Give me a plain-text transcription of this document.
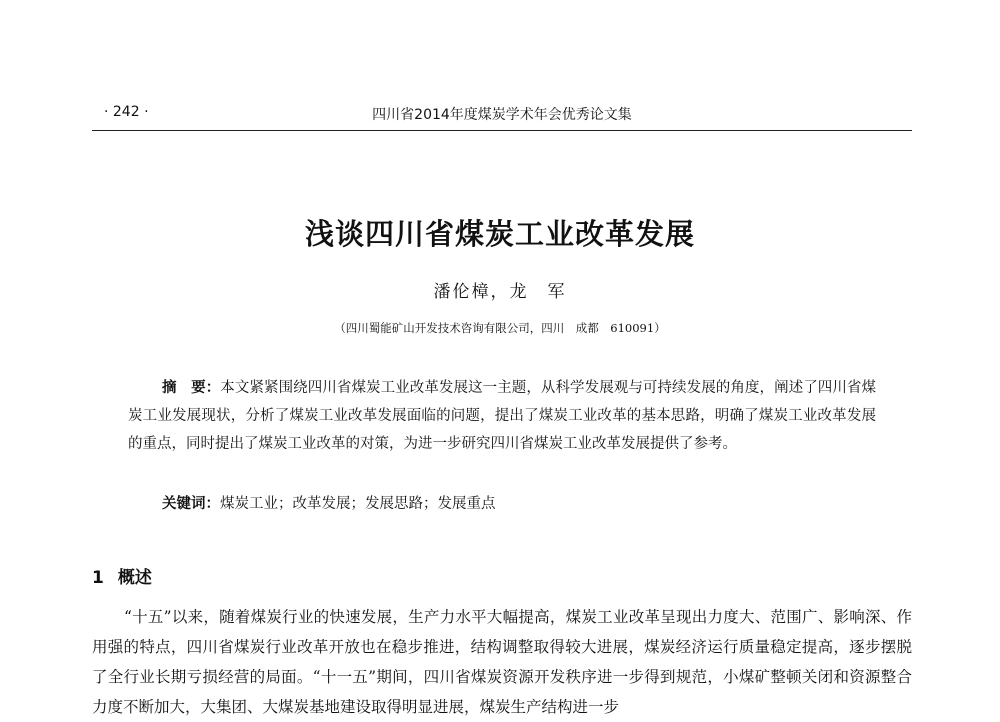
· 242 ·	四川省2014年度煤炭学术年会优秀论文集
浅谈四川省煤炭工业改革发展
潘伦樟，龙　军
（四川蜀能矿山开发技术咨询有限公司，四川　成都　610091）
摘　要：本文紧紧围绕四川省煤炭工业改革发展这一主题，从科学发展观与可持续发展的角度，阐述了四川省煤炭工业发展现状，分析了煤炭工业改革发展面临的问题，提出了煤炭工业改革的基本思路，明确了煤炭工业改革发展的重点，同时提出了煤炭工业改革的对策，为进一步研究四川省煤炭工业改革发展提供了参考。
关键词：煤炭工业；改革发展；发展思路；发展重点
1 概述
“十五”以来，随着煤炭行业的快速发展，生产力水平大幅提高，煤炭工业改革呈现出力度大、范围广、影响深、作用强的特点，四川省煤炭行业改革开放也在稳步推进，结构调整取得较大进展，煤炭经济运行质量稳定提高，逐步摆脱了全行业长期亏损经营的局面。“十一五”期间，四川省煤炭资源开发秩序进一步得到规范，小煤矿整顿关闭和资源整合力度不断加大，大集团、大煤炭基地建设取得明显进展，煤炭生产结构进一步
